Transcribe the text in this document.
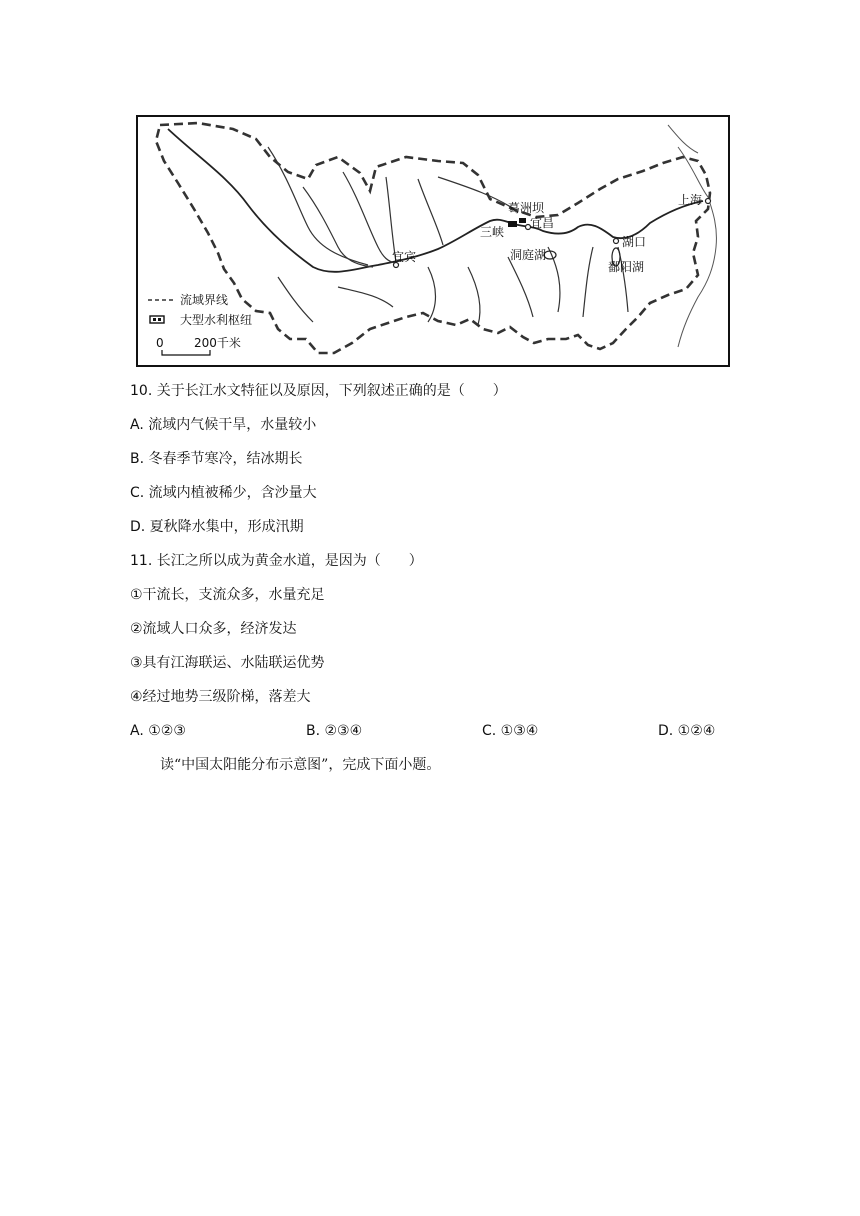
葛洲坝
宜昌
三峡
洞庭湖
宜宾
湖口
鄱阳湖
上海
流域界线
大型水利枢纽
0	200千米
10. 关于长江水文特征以及原因，下列叙述正确的是（　　）
A. 流域内气候干旱，水量较小
B. 冬春季节寒冷，结冰期长
C. 流域内植被稀少，含沙量大
D. 夏秋降水集中，形成汛期
11. 长江之所以成为黄金水道，是因为（　　）
①干流长，支流众多，水量充足
②流域人口众多，经济发达
③具有江海联运、水陆联运优势
④经过地势三级阶梯，落差大
A. ①②③	B. ②③④	C. ①③④	D. ①②④
读“中国太阳能分布示意图”，完成下面小题。
